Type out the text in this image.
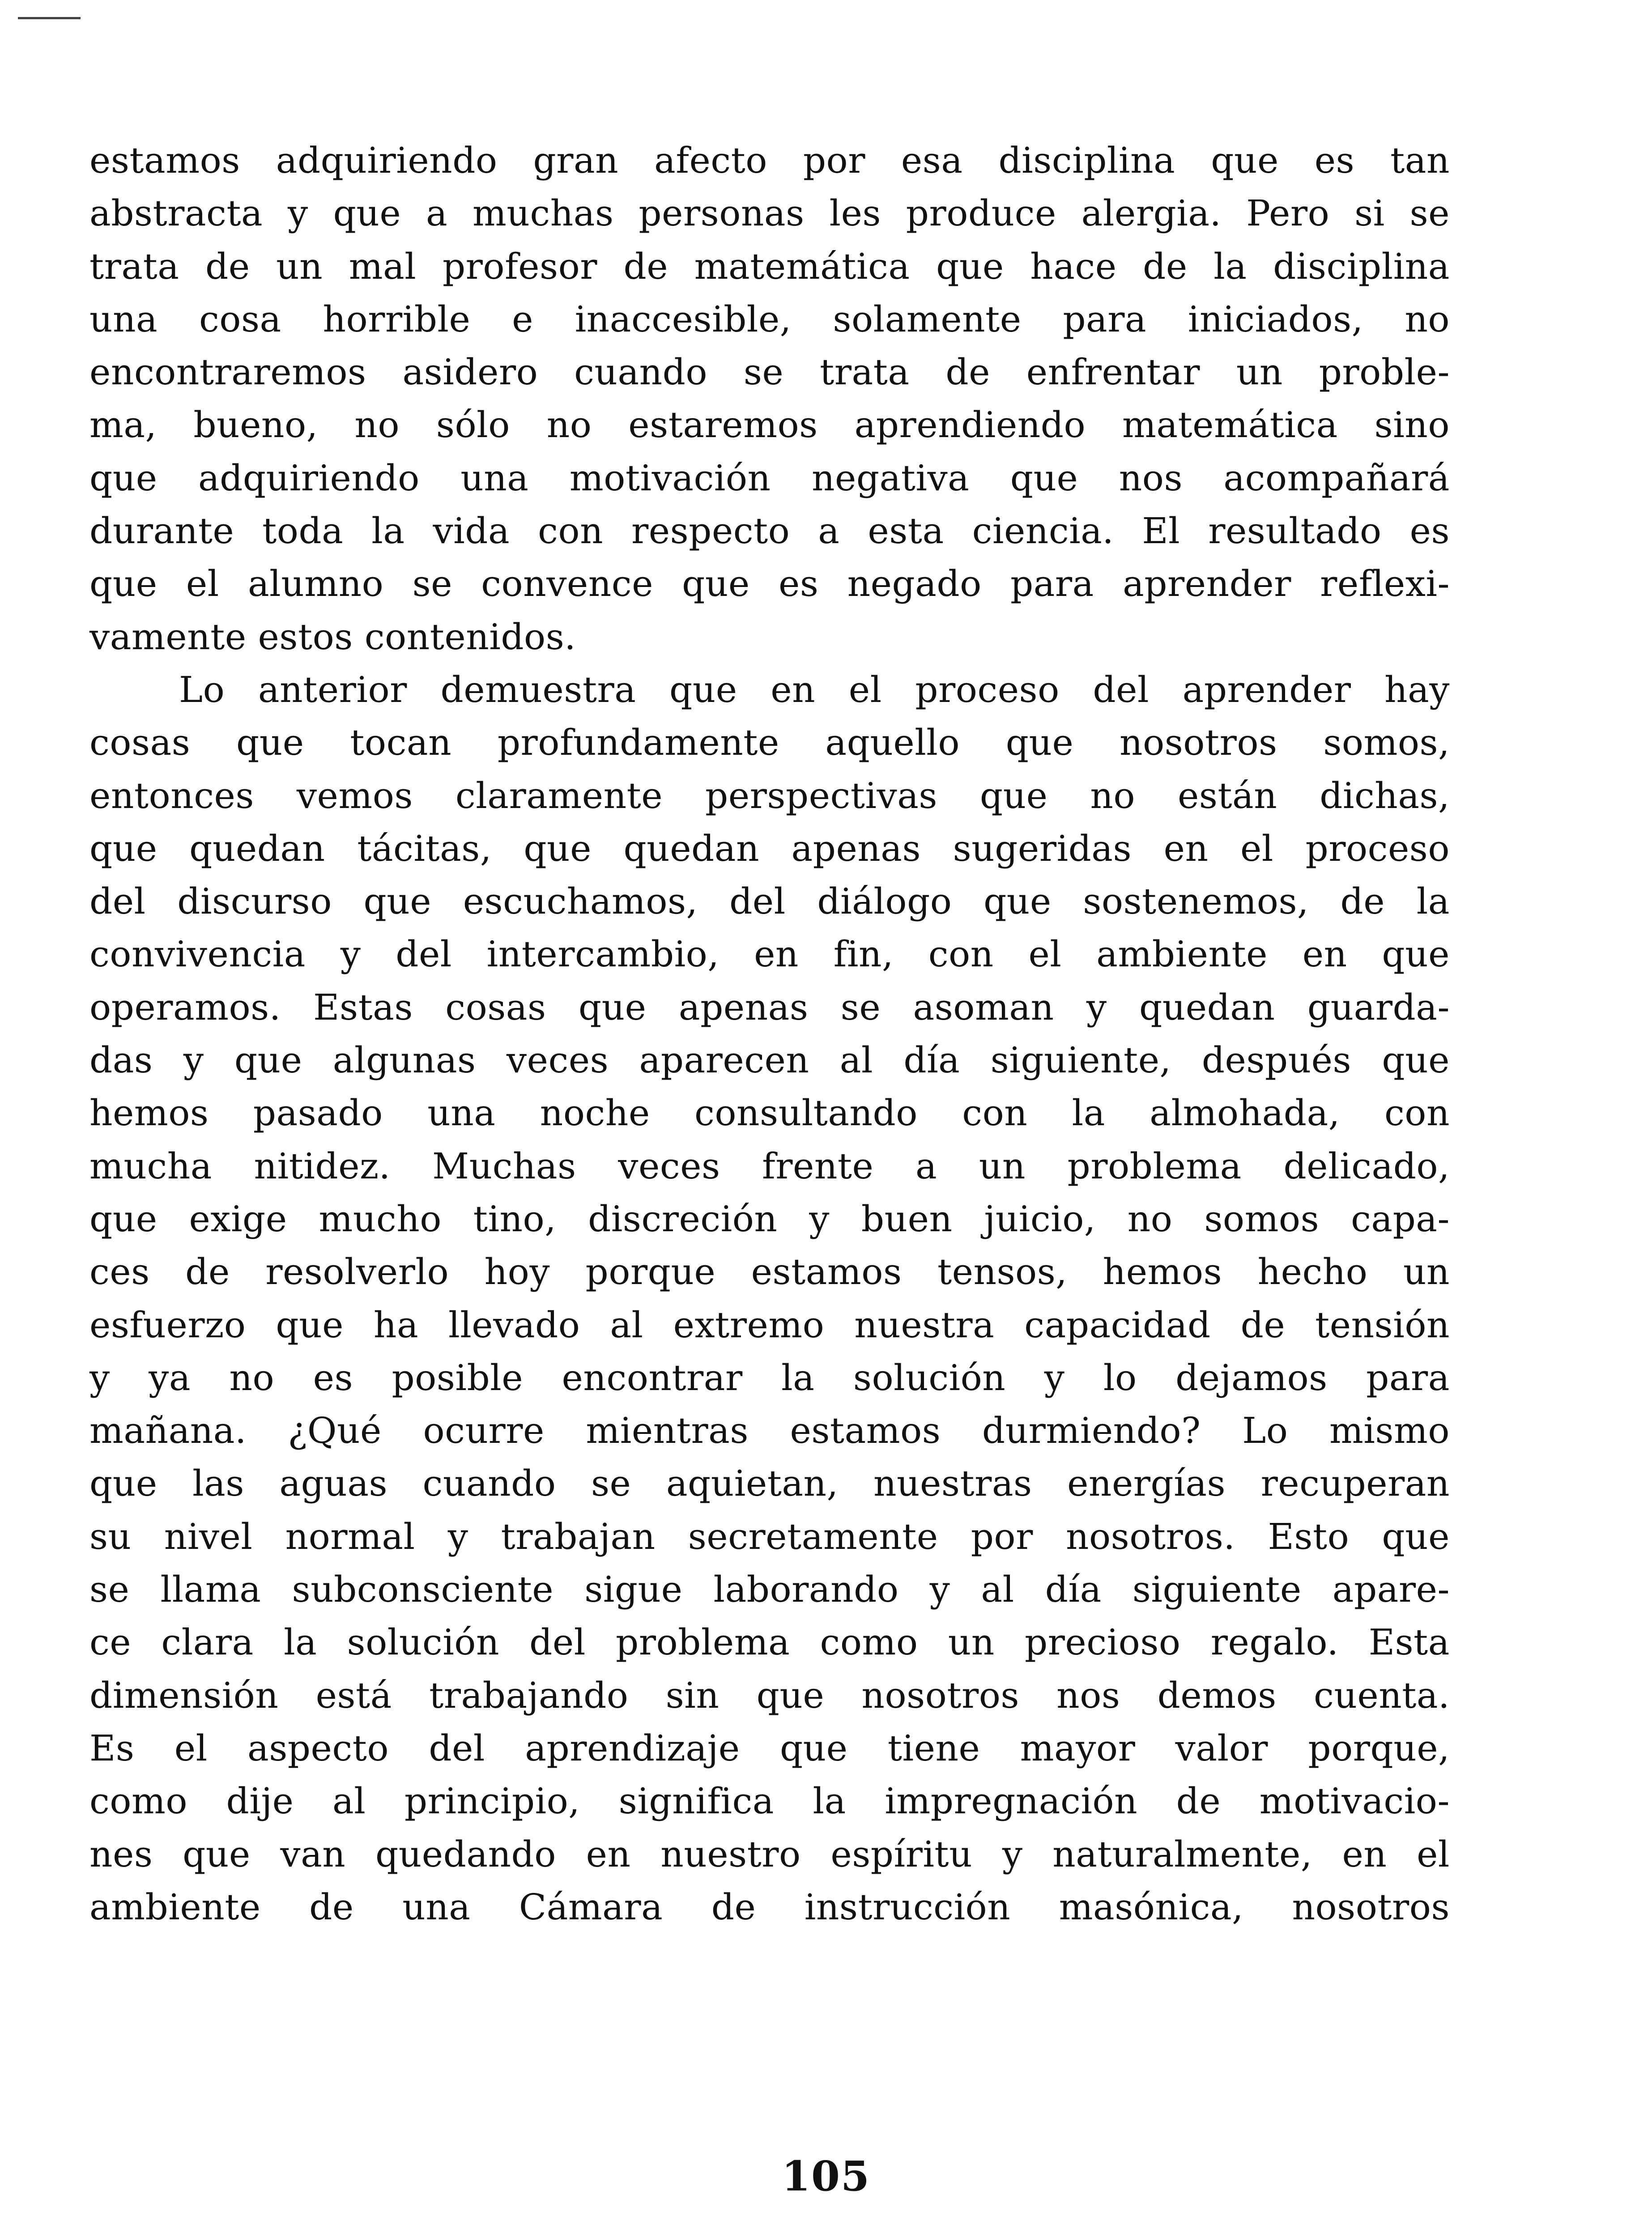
estamos adquiriendo gran afecto por esa disciplina que es tan
abstracta y que a muchas personas les produce alergia. Pero si se
trata de un mal profesor de matemática que hace de la disciplina
una cosa horrible e inaccesible, solamente para iniciados, no
encontraremos asidero cuando se trata de enfrentar un proble-
ma, bueno, no sólo no estaremos aprendiendo matemática sino
que adquiriendo una motivación negativa que nos acompañará
durante toda la vida con respecto a esta ciencia. El resultado es
que el alumno se convence que es negado para aprender reflexi-
vamente estos contenidos.
Lo anterior demuestra que en el proceso del aprender hay
cosas que tocan profundamente aquello que nosotros somos,
entonces vemos claramente perspectivas que no están dichas,
que quedan tácitas, que quedan apenas sugeridas en el proceso
del discurso que escuchamos, del diálogo que sostenemos, de la
convivencia y del intercambio, en fin, con el ambiente en que
operamos. Estas cosas que apenas se asoman y quedan guarda-
das y que algunas veces aparecen al día siguiente, después que
hemos pasado una noche consultando con la almohada, con
mucha nitidez. Muchas veces frente a un problema delicado,
que exige mucho tino, discreción y buen juicio, no somos capa-
ces de resolverlo hoy porque estamos tensos, hemos hecho un
esfuerzo que ha llevado al extremo nuestra capacidad de tensión
y ya no es posible encontrar la solución y lo dejamos para
mañana. ¿Qué ocurre mientras estamos durmiendo? Lo mismo
que las aguas cuando se aquietan, nuestras energías recuperan
su nivel normal y trabajan secretamente por nosotros. Esto que
se llama subconsciente sigue laborando y al día siguiente apare-
ce clara la solución del problema como un precioso regalo. Esta
dimensión está trabajando sin que nosotros nos demos cuenta.
Es el aspecto del aprendizaje que tiene mayor valor porque,
como dije al principio, significa la impregnación de motivacio-
nes que van quedando en nuestro espíritu y naturalmente, en el
ambiente de una Cámara de instrucción masónica, nosotros
105
